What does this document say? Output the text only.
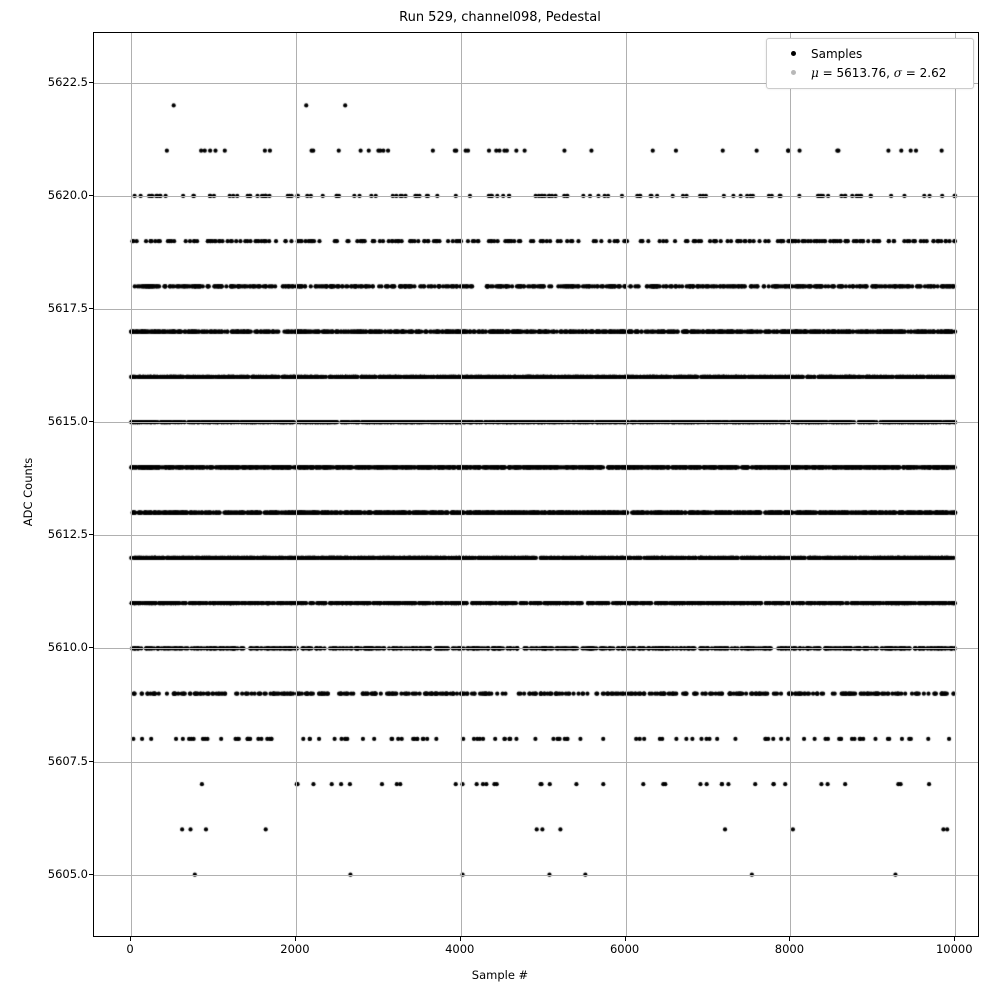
Run 529, channel098, Pedestal
ADC Counts
Sample #
Samples
μ = 5613.76, σ = 2.62
0	2000	4000	6000	8000	10000
5605.0
5607.5
5610.0
5612.5
5615.0
5617.5
5620.0
5622.5
